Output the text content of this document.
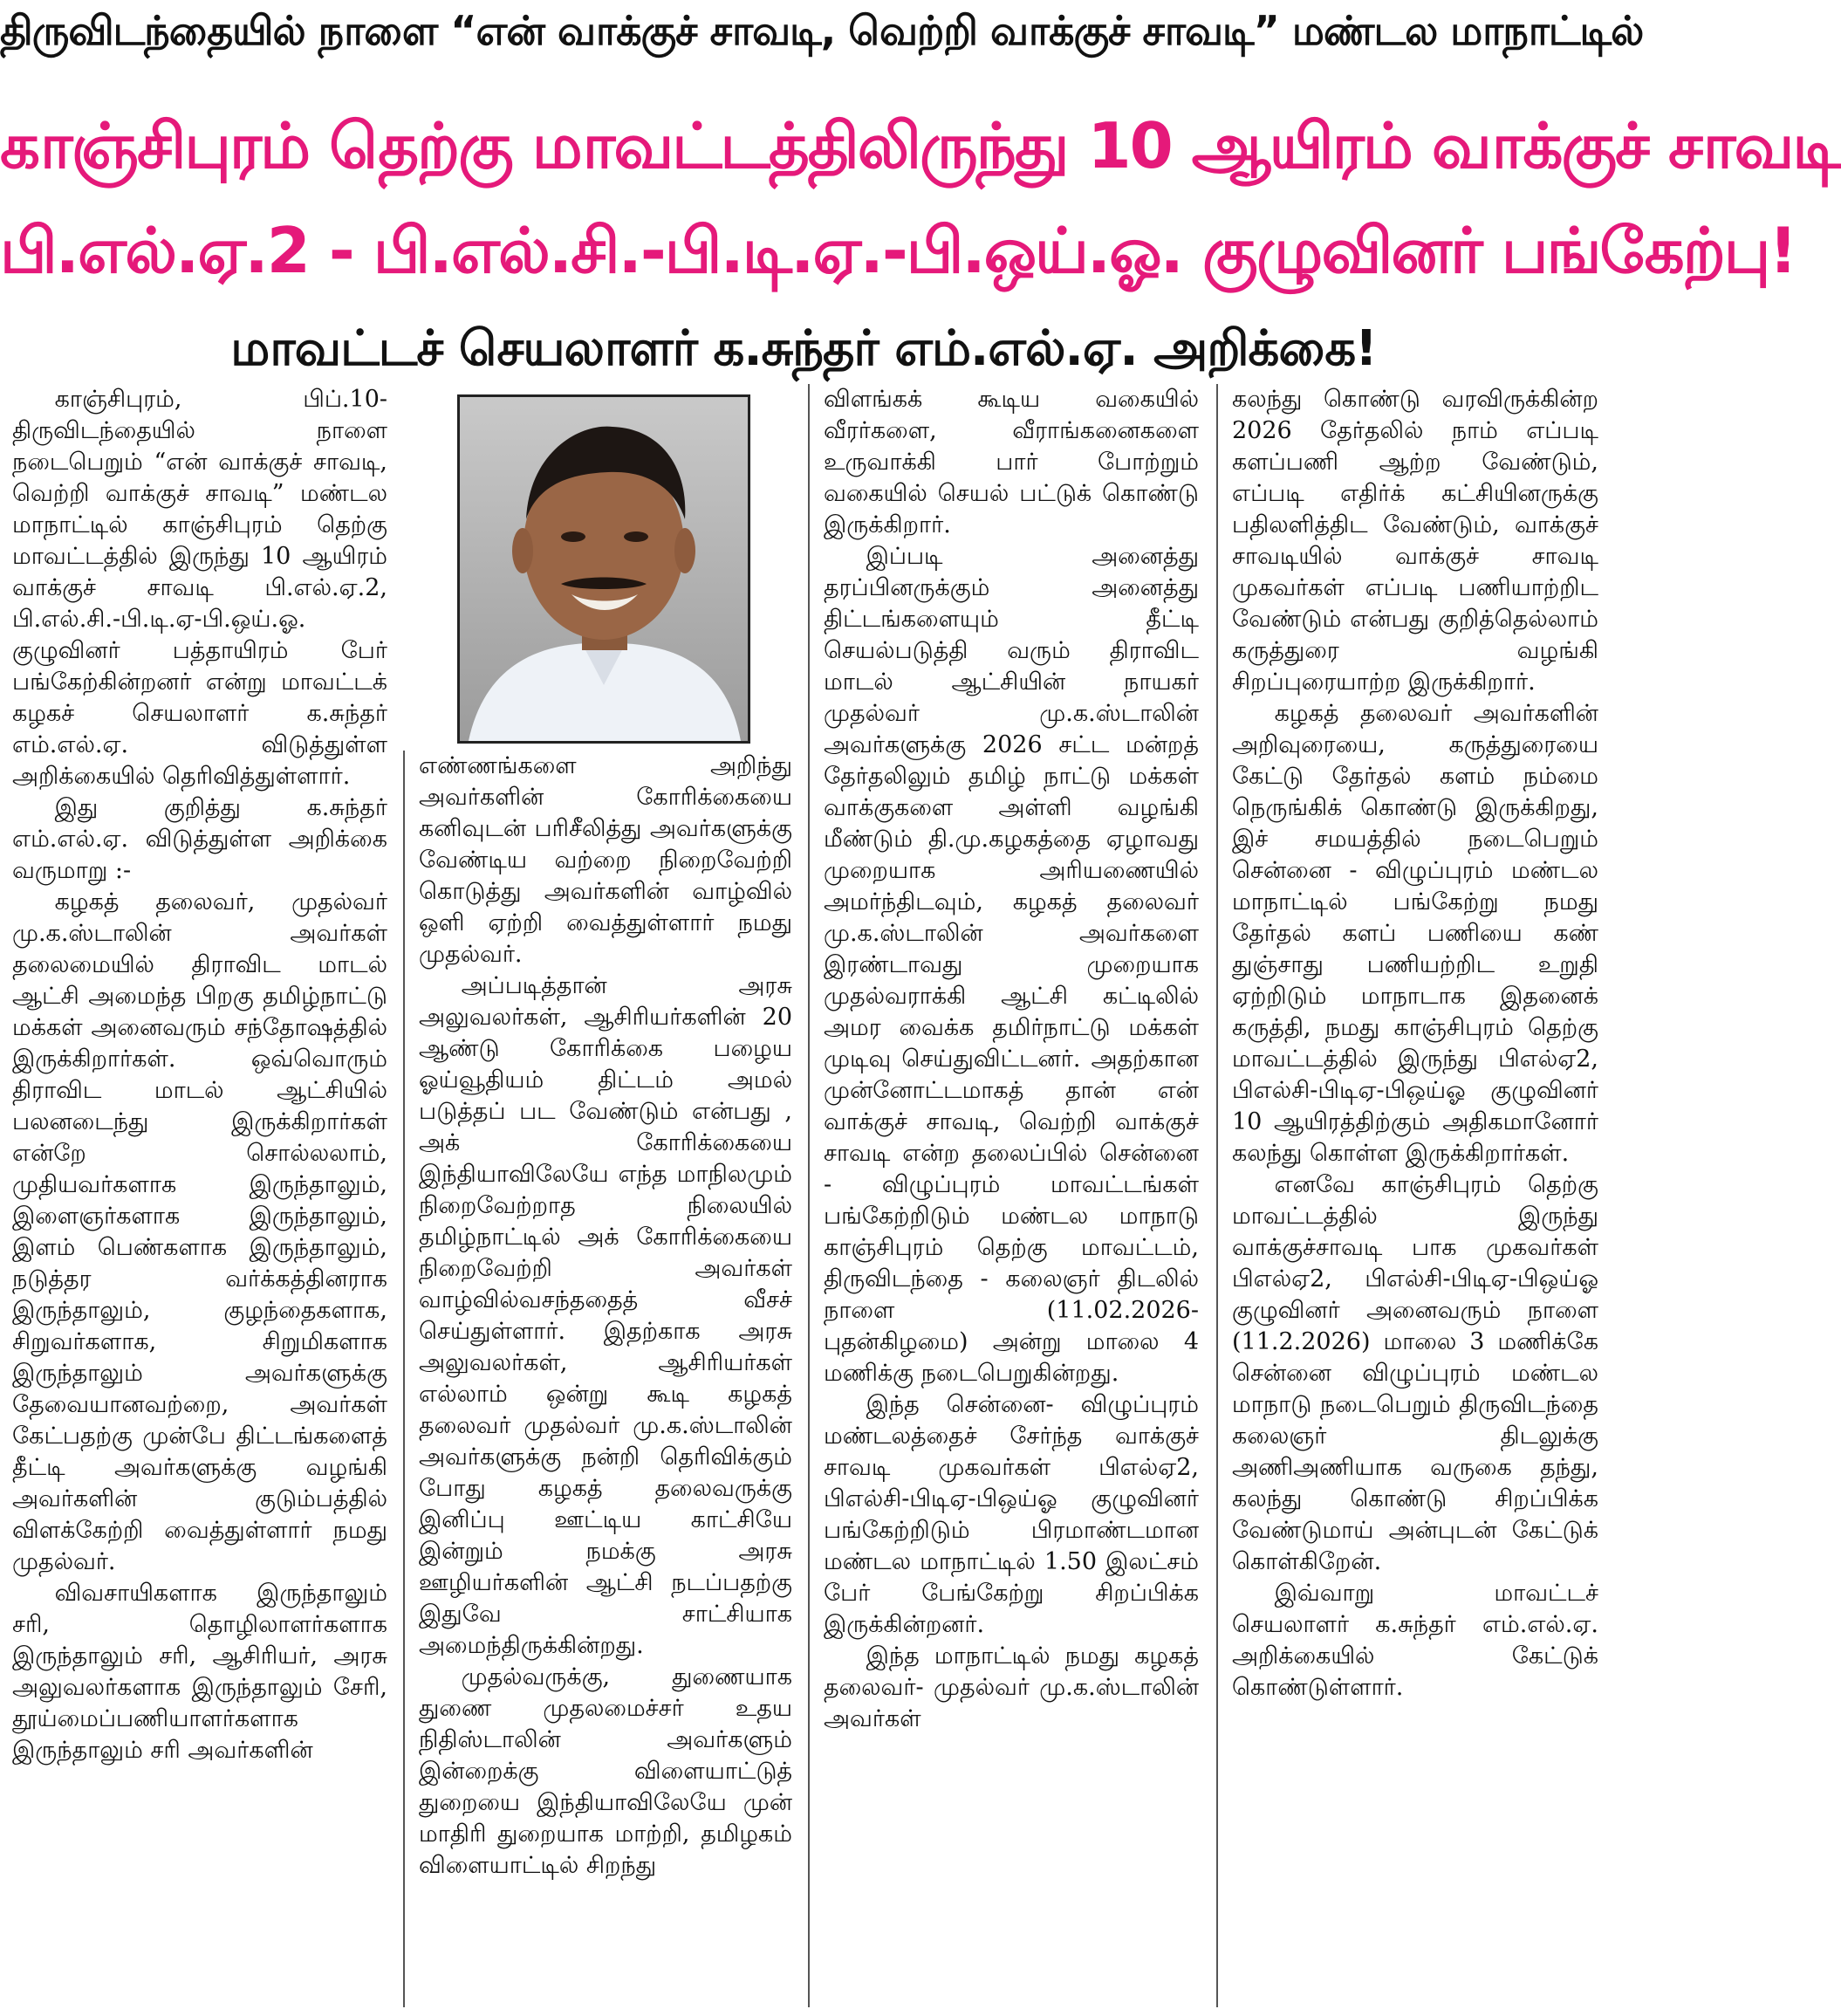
திருவிடந்தையில் நாளை “என் வாக்குச் சாவடி, வெற்றி வாக்குச் சாவடி” மண்டல மாநாட்டில்
காஞ்சிபுரம் தெற்கு மாவட்டத்திலிருந்து 10 ஆயிரம் வாக்குச் சாவடி
பி.எல்.ஏ.2 - பி.எல்.சி.-பி.டி.ஏ.-பி.ஒய்.ஓ. குழுவினர் பங்கேற்பு!
மாவட்டச் செயலாளர் க.சுந்தர் எம்.எல்.ஏ. அறிக்கை!

காஞ்சிபுரம், பிப்.10- திருவிடந்தையில் நாளை நடைபெறும் “என் வாக்குச் சாவடி, வெற்றி வாக்குச் சாவடி” மண்டல மாநாட்டில் காஞ்சிபுரம் தெற்கு மாவட்டத்தில் இருந்து 10 ஆயிரம் வாக்குச் சாவடி பி.எல்.ஏ.2, பி.எல்.சி.-பி.டி.ஏ-பி.ஒய்.ஓ. குழுவினர் பத்தாயிரம் பேர் பங்கேற்கின்றனர் என்று மாவட்டக் கழகச் செயலாளர் க.சுந்தர் எம்.எல்.ஏ. விடுத்துள்ள அறிக்கையில் தெரிவித்துள்ளார்.

இது குறித்து க.சுந்தர் எம்.எல்.ஏ. விடுத்துள்ள அறிக்கை வருமாறு :-

கழகத் தலைவர், முதல்வர் மு.க.ஸ்டாலின் அவர்கள் தலைமையில் திராவிட மாடல் ஆட்சி அமைந்த பிறகு தமிழ்நாட்டு மக்கள் அனைவரும் சந்தோஷத்தில் இருக்கிறார்கள். ஒவ்வொரும் திராவிட மாடல் ஆட்சியில் பலனடைந்து இருக்கிறார்கள் என்றே சொல்லலாம், முதியவர்களாக இருந்தாலும், இளைஞர்களாக இருந்தாலும், இளம் பெண்களாக இருந்தாலும், நடுத்தர வர்க்கத்தினராக இருந்தாலும், குழந்தைகளாக, சிறுவர்களாக, சிறுமிகளாக இருந்தாலும் அவர்களுக்கு தேவையானவற்றை, அவர்கள் கேட்பதற்கு முன்பே திட்டங்களைத் தீட்டி அவர்களுக்கு வழங்கி அவர்களின் குடும்பத்தில் விளக்கேற்றி வைத்துள்ளார் நமது முதல்வர்.

விவசாயிகளாக இருந்தாலும் சரி, தொழிலாளர்களாக இருந்தாலும் சரி, ஆசிரியர், அரசு அலுவலர்களாக இருந்தாலும் சேரி, தூய்மைப்பணியாளர்களாக இருந்தாலும் சரி அவர்களின்

எண்ணங்களை அறிந்து அவர்களின் கோரிக்கையை கனிவுடன் பரிசீலித்து அவர்களுக்கு வேண்டிய வற்றை நிறைவேற்றி கொடுத்து அவர்களின் வாழ்வில் ஒளி ஏற்றி வைத்துள்ளார் நமது முதல்வர்.

அப்படித்தான் அரசு அலுவலர்கள், ஆசிரியர்களின் 20 ஆண்டு கோரிக்கை பழைய ஓய்வூதியம் திட்டம் அமல் படுத்தப் பட வேண்டும் என்பது , அக் கோரிக்கையை இந்தியாவிலேயே எந்த மாநிலமும் நிறைவேற்றாத நிலையில் தமிழ்நாட்டில் அக் கோரிக்கையை நிறைவேற்றி அவர்கள் வாழ்வில்வசந்ததைத் வீசச் செய்துள்ளார். இதற்காக அரசு அலுவலர்கள், ஆசிரியர்கள் எல்லாம் ஒன்று கூடி கழகத் தலைவர் முதல்வர் மு.க.ஸ்டாலின் அவர்களுக்கு நன்றி தெரிவிக்கும் போது கழகத் தலைவருக்கு இனிப்பு ஊட்டிய காட்சியே இன்றும் நமக்கு அரசு ஊழியர்களின் ஆட்சி நடப்பதற்கு இதுவே சாட்சியாக அமைந்திருக்கின்றது.

முதல்வருக்கு, துணையாக துணை முதலமைச்சர் உதய நிதிஸ்டாலின் அவர்களும் இன்றைக்கு விளையாட்டுத் துறையை இந்தியாவிலேயே முன் மாதிரி துறையாக மாற்றி, தமிழகம் விளையாட்டில் சிறந்து

விளங்கக் கூடிய வகையில் வீரர்களை, வீராங்கனைகளை உருவாக்கி பார் போற்றும் வகையில் செயல் பட்டுக் கொண்டு இருக்கிறார்.

இப்படி அனைத்து தரப்பினருக்கும் அனைத்து திட்டங்களையும் தீட்டி செயல்படுத்தி வரும் திராவிட மாடல் ஆட்சியின் நாயகர் முதல்வர் மு.க.ஸ்டாலின் அவர்களுக்கு 2026 சட்ட மன்றத் தேர்தலிலும் தமிழ் நாட்டு மக்கள் வாக்குகளை அள்ளி வழங்கி மீண்டும் தி.மு.கழகத்தை ஏழாவது முறையாக அரியணையில் அமர்ந்திடவும், கழகத் தலைவர் மு.க.ஸ்டாலின் அவர்களை இரண்டாவது முறையாக முதல்வராக்கி ஆட்சி கட்டிலில் அமர வைக்க தமிர்நாட்டு மக்கள் முடிவு செய்துவிட்டனர். அதற்கான முன்னோட்டமாகத் தான் என் வாக்குச் சாவடி, வெற்றி வாக்குச் சாவடி என்ற தலைப்பில் சென்னை - விழுப்புரம் மாவட்டங்கள் பங்கேற்றிடும் மண்டல மாநாடு காஞ்சிபுரம் தெற்கு மாவட்டம், திருவிடந்தை - கலைஞர் திடலில் நாளை (11.02.2026- புதன்கிழமை) அன்று மாலை 4 மணிக்கு நடைபெறுகின்றது.

இந்த சென்னை- விழுப்புரம் மண்டலத்தைச் சேர்ந்த வாக்குச் சாவடி முகவர்கள் பிஎல்ஏ2, பிஎல்சி-பிடிஏ-பிஒய்ஓ குழுவினர் பங்கேற்றிடும் பிரமாண்டமான மண்டல மாநாட்டில் 1.50 இலட்சம் பேர் பேங்கேற்று சிறப்பிக்க இருக்கின்றனர்.

இந்த மாநாட்டில் நமது கழகத் தலைவர்- முதல்வர் மு.க.ஸ்டாலின் அவர்கள்

கலந்து கொண்டு வரவிருக்கின்ற 2026 தேர்தலில் நாம் எப்படி களப்பணி ஆற்ற வேண்டும், எப்படி எதிர்க் கட்சியினருக்கு பதிலளித்திட வேண்டும், வாக்குச் சாவடியில் வாக்குச் சாவடி முகவர்கள் எப்படி பணியாற்றிட வேண்டும் என்பது குறித்தெல்லாம் கருத்துரை வழங்கி சிறப்புரையாற்ற இருக்கிறார்.

கழகத் தலைவர் அவர்களின் அறிவுரையை, கருத்துரையை கேட்டு தேர்தல் களம் நம்மை நெருங்கிக் கொண்டு இருக்கிறது, இச் சமயத்தில் நடைபெறும் சென்னை - விழுப்புரம் மண்டல மாநாட்டில் பங்கேற்று நமது தேர்தல் களப் பணியை கண் துஞ்சாது பணியற்றிட உறுதி ஏற்றிடும் மாநாடாக இதனைக் கருத்தி, நமது காஞ்சிபுரம் தெற்கு மாவட்டத்தில் இருந்து பிஎல்ஏ2, பிஎல்சி-பிடிஏ-பிஒய்ஓ குழுவினர் 10 ஆயிரத்திற்கும் அதிகமானோர் கலந்து கொள்ள இருக்கிறார்கள்.

எனவே காஞ்சிபுரம் தெற்கு மாவட்டத்தில் இருந்து வாக்குச்சாவடி பாக முகவர்கள் பிஎல்ஏ2, பிஎல்சி-பிடிஏ-பிஒய்ஓ குழுவினர் அனைவரும் நாளை (11.2.2026) மாலை 3 மணிக்கே சென்னை விழுப்புரம் மண்டல மாநாடு நடைபெறும் திருவிடந்தை கலைஞர் திடலுக்கு அணிஅணியாக வருகை தந்து, கலந்து கொண்டு சிறப்பிக்க வேண்டுமாய் அன்புடன் கேட்டுக் கொள்கிறேன்.

இவ்வாறு மாவட்டச் செயலாளர் க.சுந்தர் எம்.எல்.ஏ. அறிக்கையில் கேட்டுக் கொண்டுள்ளார்.
